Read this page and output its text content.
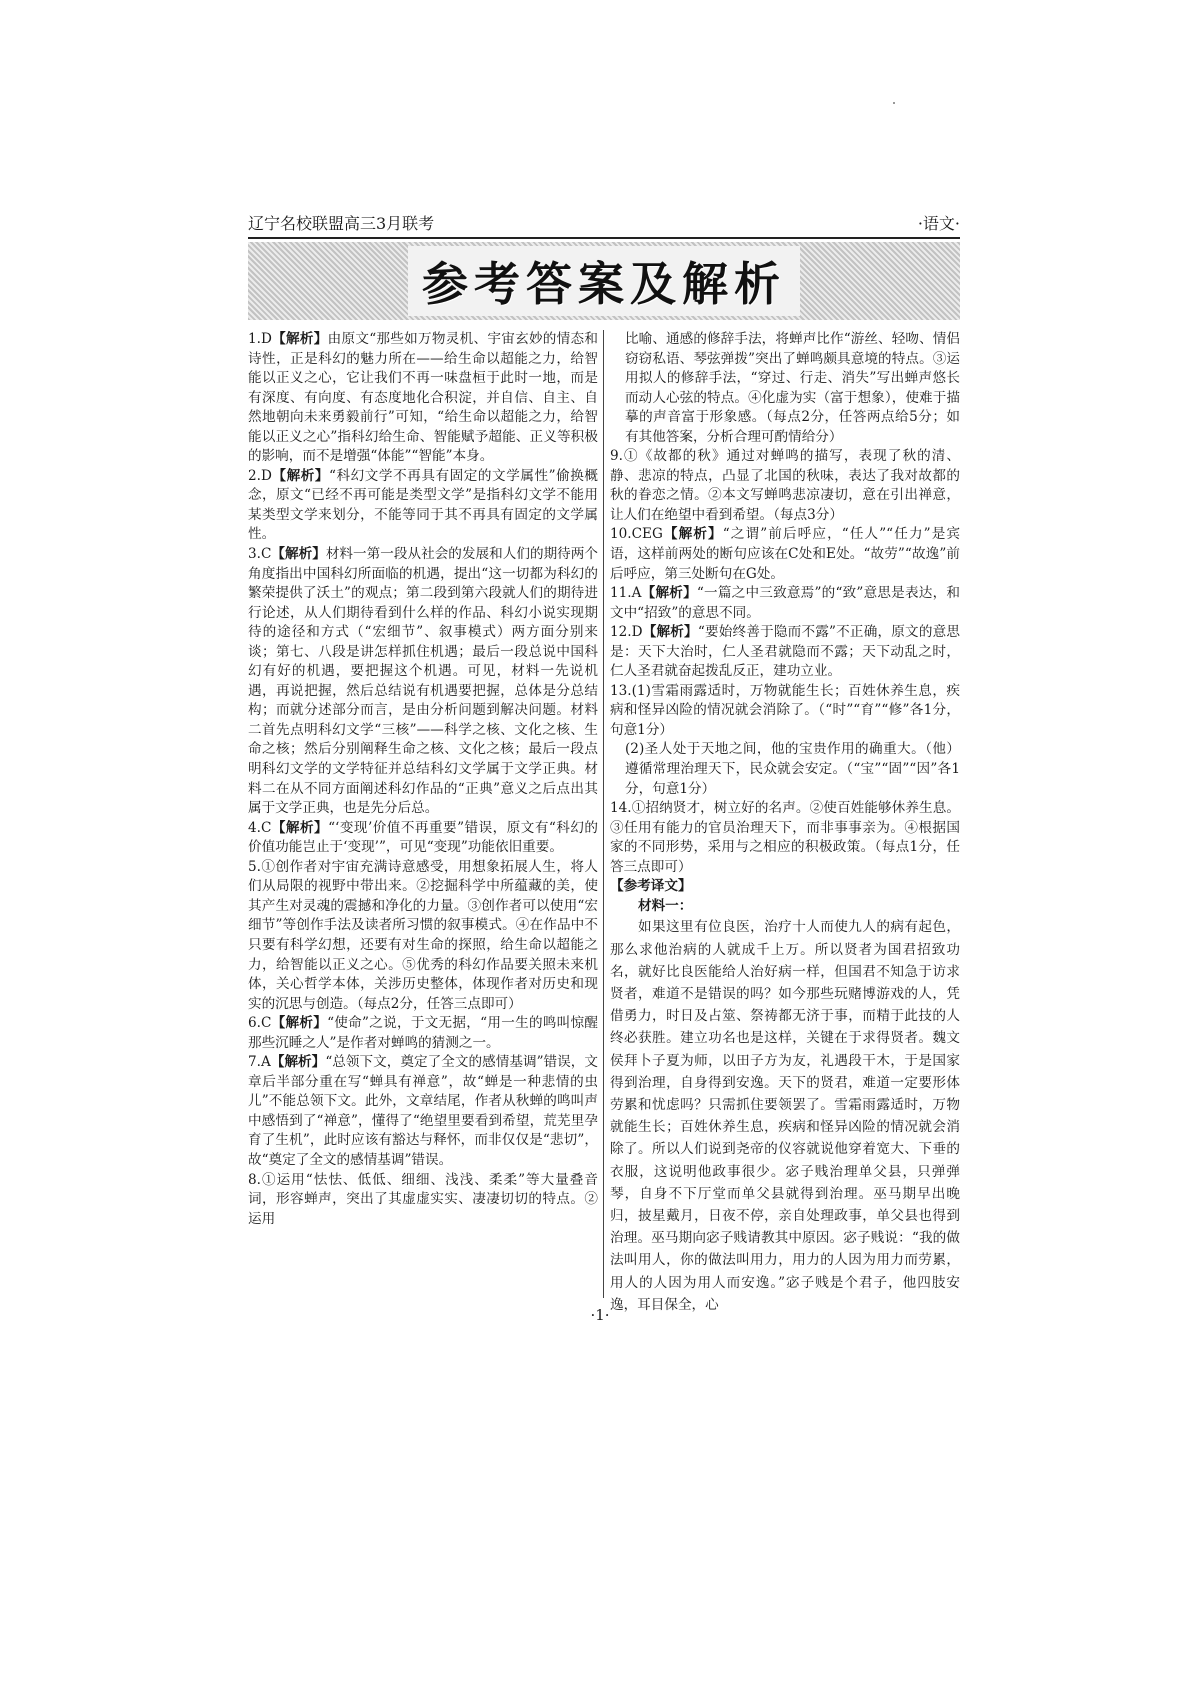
辽宁名校联盟高三3月联考	·语文·
参考答案及解析

1.D【解析】由原文“那些如万物灵机、宇宙玄妙的情态和诗性，正是科幻的魅力所在——给生命以超能之力，给智能以正义之心，它让我们不再一味盘桓于此时一地，而是有深度、有向度、有态度地化合积淀，并自信、自主、自然地朝向未来勇毅前行”可知，“给生命以超能之力，给智能以正义之心”指科幻给生命、智能赋予超能、正义等积极的影响，而不是增强“体能”“智能”本身。

2.D【解析】“科幻文学不再具有固定的文学属性”偷换概念，原文“已经不再可能是类型文学”是指科幻文学不能用某类型文学来划分，不能等同于其不再具有固定的文学属性。

3.C【解析】材料一第一段从社会的发展和人们的期待两个角度指出中国科幻所面临的机遇，提出“这一切都为科幻的繁荣提供了沃土”的观点；第二段到第六段就人们的期待进行论述，从人们期待看到什么样的作品、科幻小说实现期待的途径和方式（“宏细节”、叙事模式）两方面分别来谈；第七、八段是讲怎样抓住机遇；最后一段总说中国科幻有好的机遇，要把握这个机遇。可见，材料一先说机遇，再说把握，然后总结说有机遇要把握，总体是分总结构；而就分述部分而言，是由分析问题到解决问题。材料二首先点明科幻文学“三核”——科学之核、文化之核、生命之核；然后分别阐释生命之核、文化之核；最后一段点明科幻文学的文学特征并总结科幻文学属于文学正典。材料二在从不同方面阐述科幻作品的“正典”意义之后点出其属于文学正典，也是先分后总。

4.C【解析】“‘变现’价值不再重要”错误，原文有“科幻的价值功能岂止于‘变现’”，可见“变现”功能依旧重要。

5.①创作者对宇宙充满诗意感受，用想象拓展人生，将人们从局限的视野中带出来。②挖掘科学中所蕴藏的美，使其产生对灵魂的震撼和净化的力量。③创作者可以使用“宏细节”等创作手法及读者所习惯的叙事模式。④在作品中不只要有科学幻想，还要有对生命的探照，给生命以超能之力，给智能以正义之心。⑤优秀的科幻作品要关照未来机体，关心哲学本体，关涉历史整体，体现作者对历史和现实的沉思与创造。（每点2分，任答三点即可）

6.C【解析】“使命”之说，于文无据，“用一生的鸣叫惊醒那些沉睡之人”是作者对蝉鸣的猜测之一。

7.A【解析】“总领下文，奠定了全文的感情基调”错误，文章后半部分重在写“蝉具有禅意”，故“蝉是一种悲情的虫儿”不能总领下文。此外，文章结尾，作者从秋蝉的鸣叫声中感悟到了“禅意”，懂得了“绝望里要看到希望，荒芜里孕育了生机”，此时应该有豁达与释怀，而非仅仅是“悲切”，故“奠定了全文的感情基调”错误。

8.①运用“怯怯、低低、细细、浅浅、柔柔”等大量叠音词，形容蝉声，突出了其虚虚实实、凄凄切切的特点。②运用

比喻、通感的修辞手法，将蝉声比作“游丝、轻吻、情侣窃窃私语、琴弦弹拨”突出了蝉鸣颇具意境的特点。③运用拟人的修辞手法，“穿过、行走、消失”写出蝉声悠长而动人心弦的特点。④化虚为实（富于想象），使难于描摹的声音富于形象感。（每点2分，任答两点给5分；如有其他答案，分析合理可酌情给分）

9.①《故都的秋》通过对蝉鸣的描写，表现了秋的清、静、悲凉的特点，凸显了北国的秋味，表达了我对故都的秋的眷恋之情。②本文写蝉鸣悲凉凄切，意在引出禅意，让人们在绝望中看到希望。（每点3分）

10.CEG【解析】“之谓”前后呼应，“任人”“任力”是宾语，这样前两处的断句应该在C处和E处。“故劳”“故逸”前后呼应，第三处断句在G处。

11.A【解析】“一篇之中三致意焉”的“致”意思是表达，和文中“招致”的意思不同。

12.D【解析】“要始终善于隐而不露”不正确，原文的意思是：天下大治时，仁人圣君就隐而不露；天下动乱之时，仁人圣君就奋起拨乱反正，建功立业。

13.(1)雪霜雨露适时，万物就能生长；百姓休养生息，疾病和怪异凶险的情况就会消除了。（“时”“育”“修”各1分，句意1分）

(2)圣人处于天地之间，他的宝贵作用的确重大。（他）遵循常理治理天下，民众就会安定。（“宝”“固”“因”各1分，句意1分）

14.①招纳贤才，树立好的名声。②使百姓能够休养生息。③任用有能力的官员治理天下，而非事事亲为。④根据国家的不同形势，采用与之相应的积极政策。（每点1分，任答三点即可）

【参考译文】

材料一：

如果这里有位良医，治疗十人而使九人的病有起色，那么求他治病的人就成千上万。所以贤者为国君招致功名，就好比良医能给人治好病一样，但国君不知急于访求贤者，难道不是错误的吗？如今那些玩赌博游戏的人，凭借勇力，时日及占筮、祭祷都无济于事，而精于此技的人终必获胜。建立功名也是这样，关键在于求得贤者。魏文侯拜卜子夏为师，以田子方为友，礼遇段干木，于是国家得到治理，自身得到安逸。天下的贤君，难道一定要形体劳累和忧虑吗？只需抓住要领罢了。雪霜雨露适时，万物就能生长；百姓休养生息，疾病和怪异凶险的情况就会消除了。所以人们说到尧帝的仪容就说他穿着宽大、下垂的衣服，这说明他政事很少。宓子贱治理单父县，只弹弹琴，自身不下厅堂而单父县就得到治理。巫马期早出晚归，披星戴月，日夜不停，亲自处理政事，单父县也得到治理。巫马期向宓子贱请教其中原因。宓子贱说：“我的做法叫用人，你的做法叫用力，用力的人因为用力而劳累，用人的人因为用人而安逸。”宓子贱是个君子，他四肢安逸，耳目保全，心

·1·
